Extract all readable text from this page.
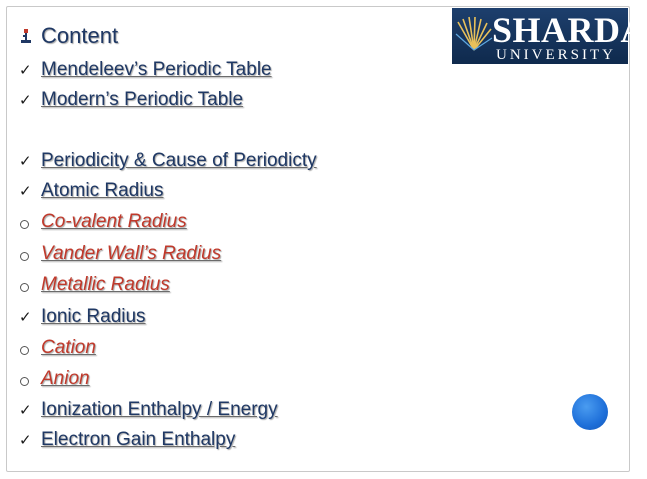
SHARDA
UNIVERSITY
Content
✓ Mendeleev’s Periodic Table
✓ Modern’s Periodic Table
✓ Periodicity & Cause of Periodicty
✓ Atomic Radius
Co-valent Radius
Vander Wall’s Radius
Metallic Radius
✓ Ionic Radius
Cation
Anion
✓ Ionization Enthalpy / Energy
✓ Electron Gain Enthalpy
